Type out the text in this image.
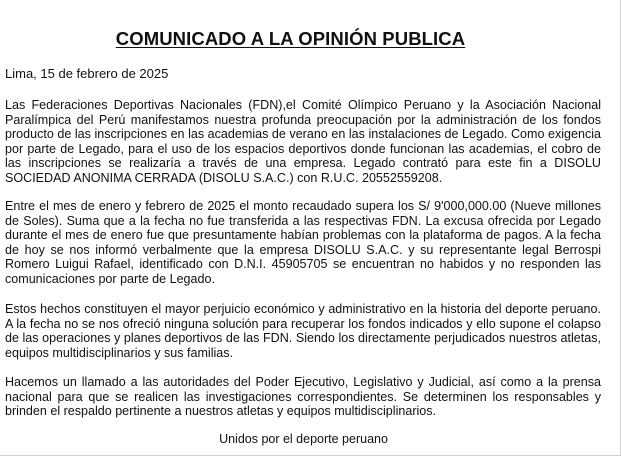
COMUNICADO A LA OPINIÓN PUBLICA

Lima, 15 de febrero de 2025

Las Federaciones Deportivas Nacionales (FDN),el Comité Olímpico Peruano y la Asociación Nacional Paralímpica del Perú manifestamos nuestra profunda preocupación por la administración de los fondos producto de las inscripciones en las academias de verano en las instalaciones de Legado. Como exigencia por parte de Legado, para el uso de los espacios deportivos donde funcionan las academias, el cobro de las inscripciones se realizaría a través de una empresa. Legado contrató para este fin a DISOLU SOCIEDAD ANONIMA CERRADA (DISOLU S.A.C.) con R.U.C. 20552559208.

Entre el mes de enero y febrero de 2025 el monto recaudado supera los S/ 9'000,000.00 (Nueve millones de Soles). Suma que a la fecha no fue transferida a las respectivas FDN. La excusa ofrecida por Legado durante el mes de enero fue que presuntamente habían problemas con la plataforma de pagos. A la fecha de hoy se nos informó verbalmente que la empresa DISOLU S.A.C. y su representante legal Berrospi Romero Luigui Rafael, identificado con D.N.I. 45905705 se encuentran no habidos y no responden las comunicaciones por parte de Legado.

Estos hechos constituyen el mayor perjuicio económico y administrativo en la historia del deporte peruano. A la fecha no se nos ofreció ninguna solución para recuperar los fondos indicados y ello supone el colapso de las operaciones y planes deportivos de las FDN. Siendo los directamente perjudicados nuestros atletas, equipos multidisciplinarios y sus familias.

Hacemos un llamado a las autoridades del Poder Ejecutivo, Legislativo y Judicial, así como a la prensa nacional para que se realicen las investigaciones correspondientes. Se determinen los responsables y brinden el respaldo pertinente a nuestros atletas y equipos multidisciplinarios.

Unidos por el deporte peruano
